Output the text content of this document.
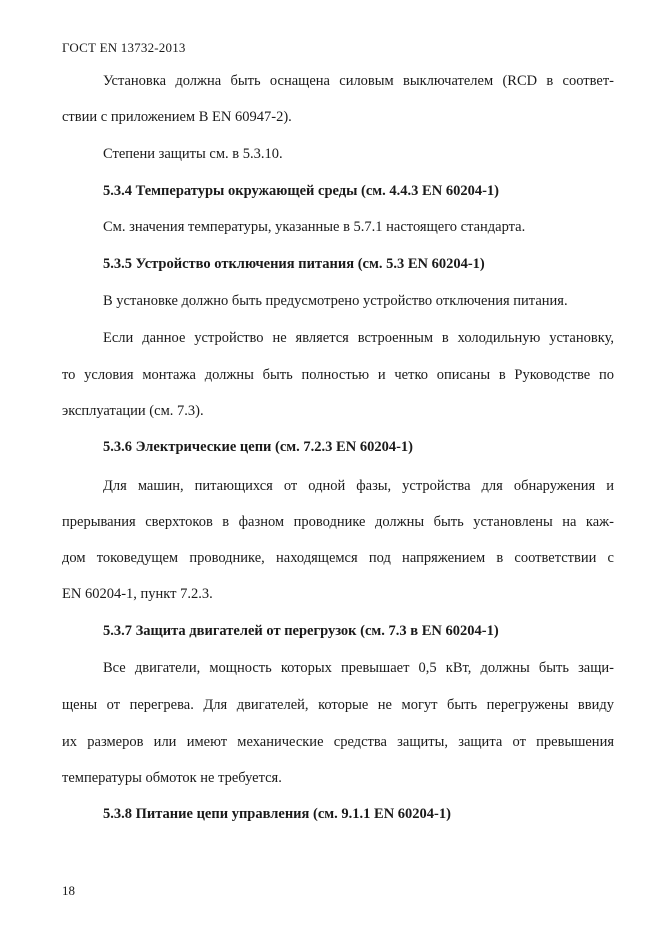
ГОСТ EN 13732-2013
Установка должна быть оснащена силовым выключателем (RCD в соответ-
ствии с приложением B EN 60947-2).
Степени защиты см. в 5.3.10.
5.3.4 Температуры окружающей среды (см. 4.4.3 EN 60204-1)
См. значения температуры, указанные в 5.7.1 настоящего стандарта.
5.3.5 Устройство отключения питания (см. 5.3 EN 60204-1)
В установке должно быть предусмотрено устройство отключения питания.
Если данное устройство не является встроенным в холодильную установку,
то условия монтажа должны быть полностью и четко описаны в Руководстве по
эксплуатации (см. 7.3).
5.3.6 Электрические цепи (см. 7.2.3 EN 60204-1)
Для машин, питающихся от одной фазы, устройства для обнаружения и
прерывания сверхтоков в фазном проводнике должны быть установлены на каж-
дом токоведущем проводнике, находящемся под напряжением в соответствии с
EN 60204-1, пункт 7.2.3.
5.3.7 Защита двигателей от перегрузок (см. 7.3 в EN 60204-1)
Все двигатели, мощность которых превышает 0,5 кВт, должны быть защи-
щены от перегрева. Для двигателей, которые не могут быть перегружены ввиду
их размеров или имеют механические средства защиты, защита от превышения
температуры обмоток не требуется.
5.3.8 Питание цепи управления (см. 9.1.1 EN 60204-1)
18
